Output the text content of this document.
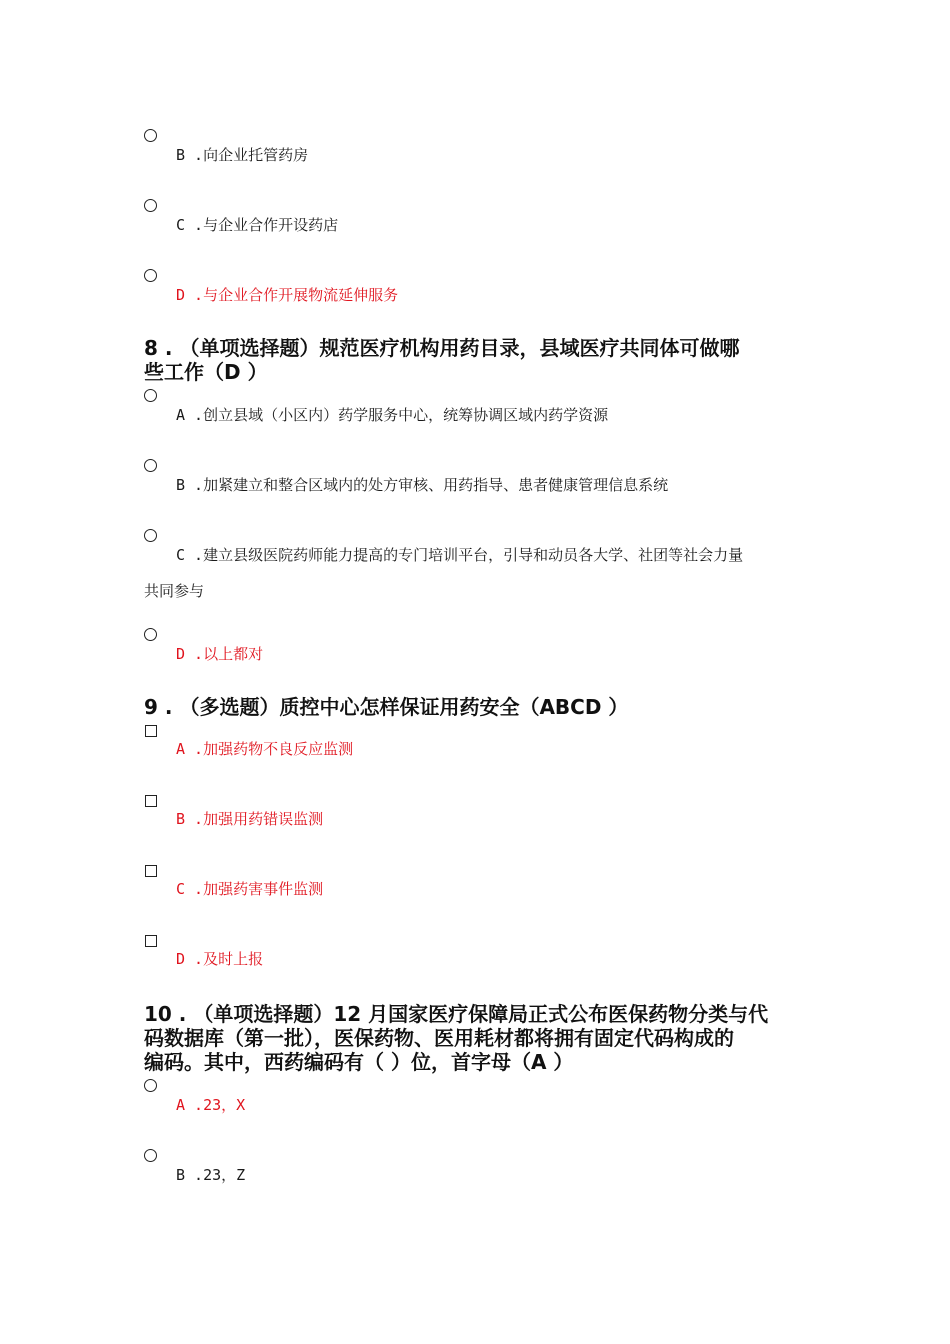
B .向企业托管药房
C .与企业合作开设药店
D .与企业合作开展物流延伸服务
8 . （单项选择题）规范医疗机构用药目录，县域医疗共同体可做哪
些工作（D ）
A .创立县域（小区内）药学服务中心，统筹协调区域内药学资源
B .加紧建立和整合区域内的处方审核、用药指导、患者健康管理信息系统
C .建立县级医院药师能力提高的专门培训平台，引导和动员各大学、社团等社会力量
共同参与
D .以上都对
9 . （多选题）质控中心怎样保证用药安全（ABCD ）
A .加强药物不良反应监测
B .加强用药错误监测
C .加强药害事件监测
D .及时上报
10 . （单项选择题）12 月国家医疗保障局正式公布医保药物分类与代
码数据库（第一批），医保药物、医用耗材都将拥有固定代码构成的
编码。其中，西药编码有（ ）位，首字母（A ）
A .23，X
B .23，Z
